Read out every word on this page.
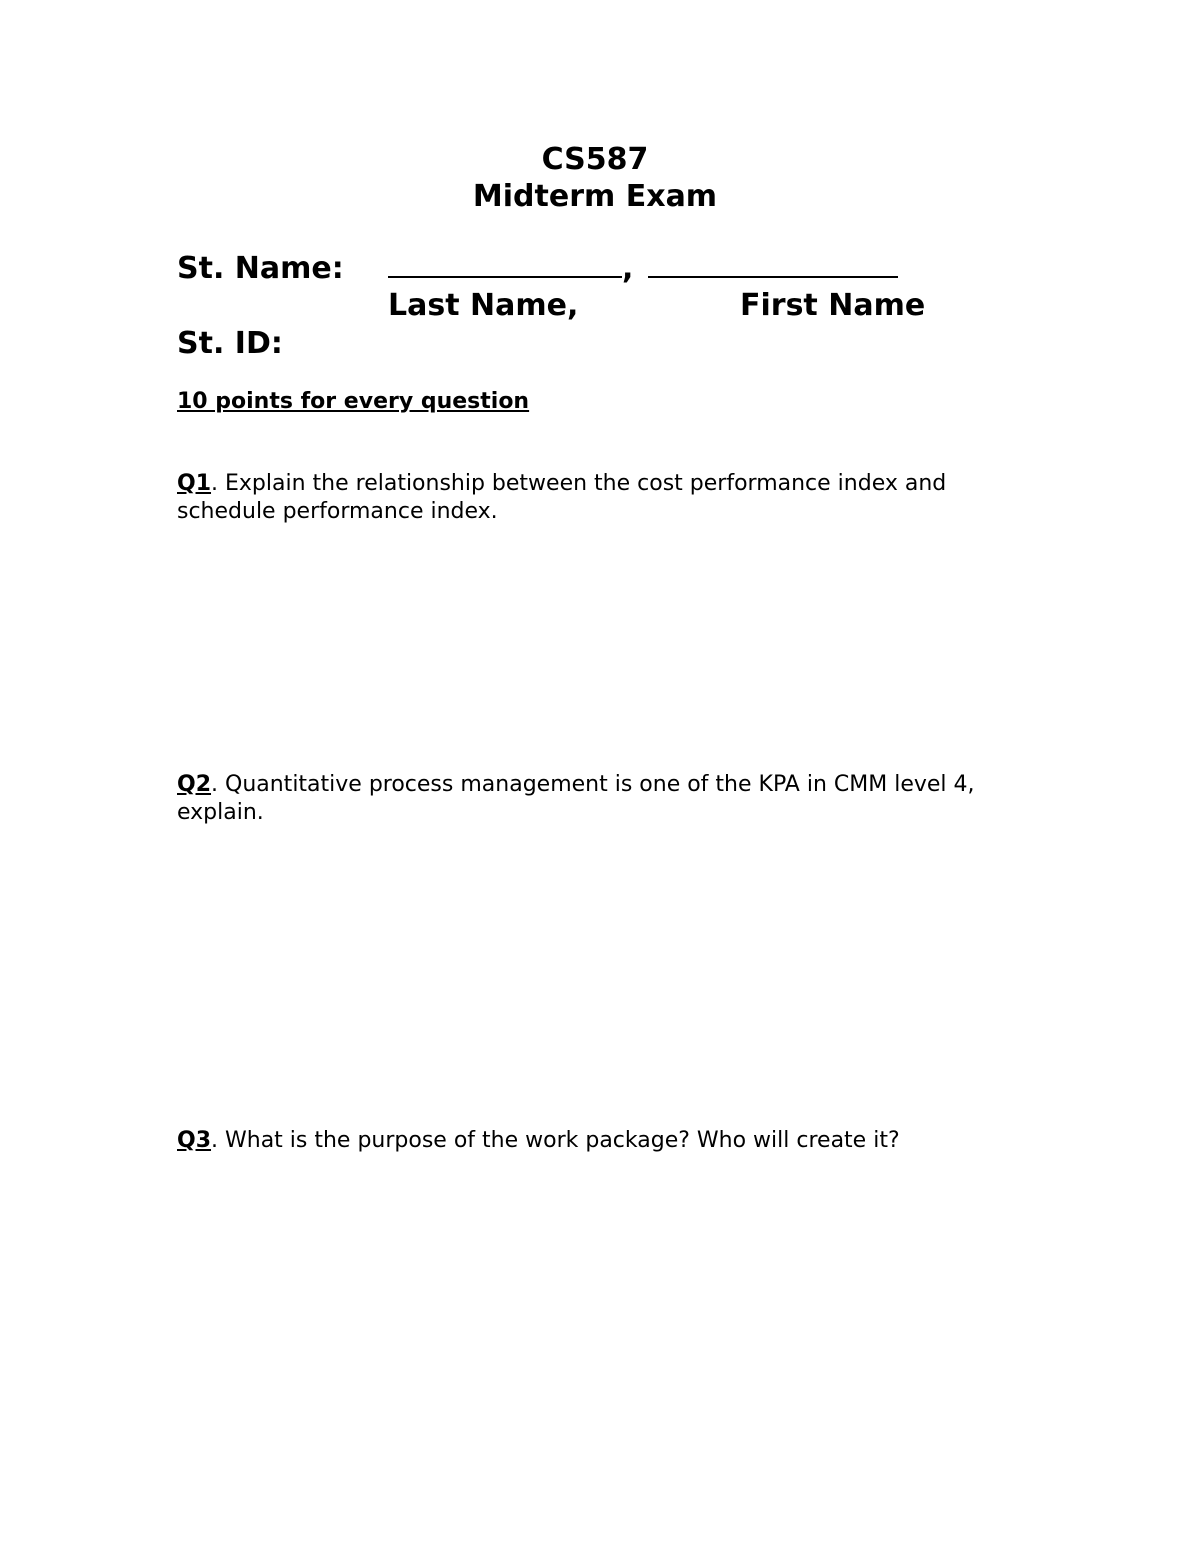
CS587
Midterm Exam
St. Name:	,
Last Name,	First Name
St. ID:
10 points for every question
Q1. Explain the relationship between the cost performance index and schedule performance index.
Q2. Quantitative process management is one of the KPA in CMM level 4, explain.
Q3. What is the purpose of the work package? Who will create it?
